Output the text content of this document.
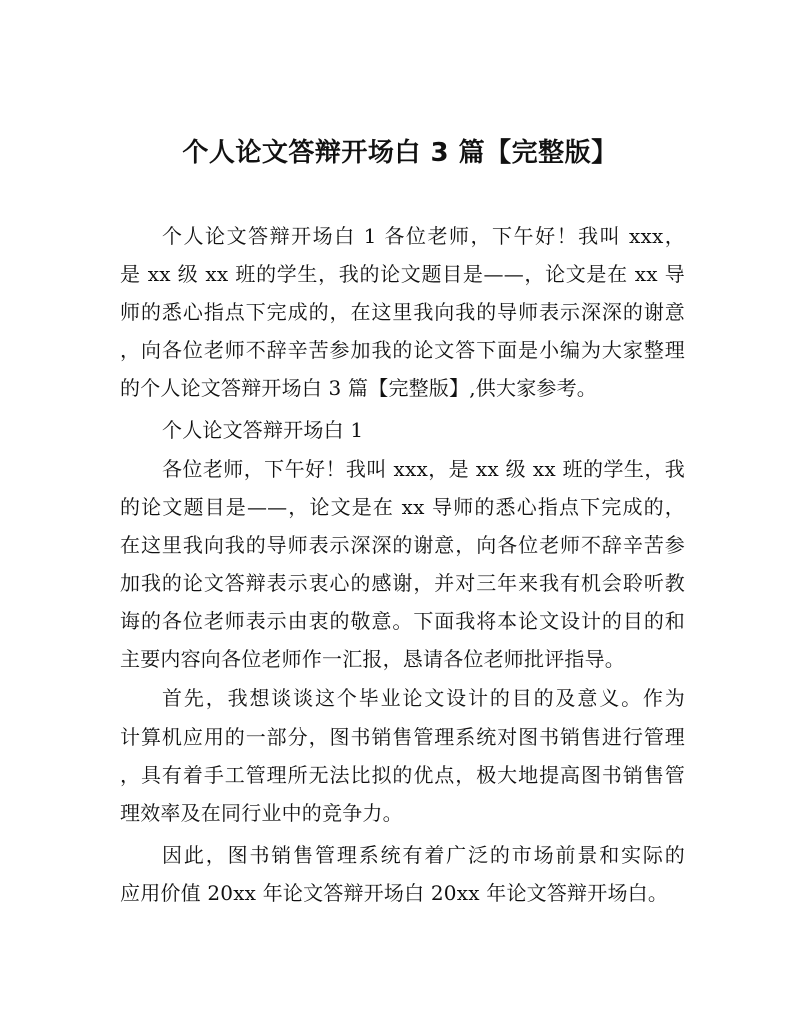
个人论文答辩开场白 3 篇【完整版】
个人论文答辩开场白 1 各位老师，下午好！我叫 xxx，
是 xx 级 xx 班的学生，我的论文题目是——，论文是在 xx 导
师的悉心指点下完成的，在这里我向我的导师表示深深的谢意
，向各位老师不辞辛苦参加我的论文答下面是小编为大家整理
的个人论文答辩开场白 3 篇【完整版】,供大家参考。
个人论文答辩开场白 1
各位老师，下午好！我叫 xxx，是 xx 级 xx 班的学生，我
的论文题目是——，论文是在 xx 导师的悉心指点下完成的，
在这里我向我的导师表示深深的谢意，向各位老师不辞辛苦参
加我的论文答辩表示衷心的感谢，并对三年来我有机会聆听教
诲的各位老师表示由衷的敬意。下面我将本论文设计的目的和
主要内容向各位老师作一汇报，恳请各位老师批评指导。
首先，我想谈谈这个毕业论文设计的目的及意义。作为
计算机应用的一部分，图书销售管理系统对图书销售进行管理
，具有着手工管理所无法比拟的优点，极大地提高图书销售管
理效率及在同行业中的竞争力。
因此，图书销售管理系统有着广泛的市场前景和实际的
应用价值 20xx 年论文答辩开场白 20xx 年论文答辩开场白。
